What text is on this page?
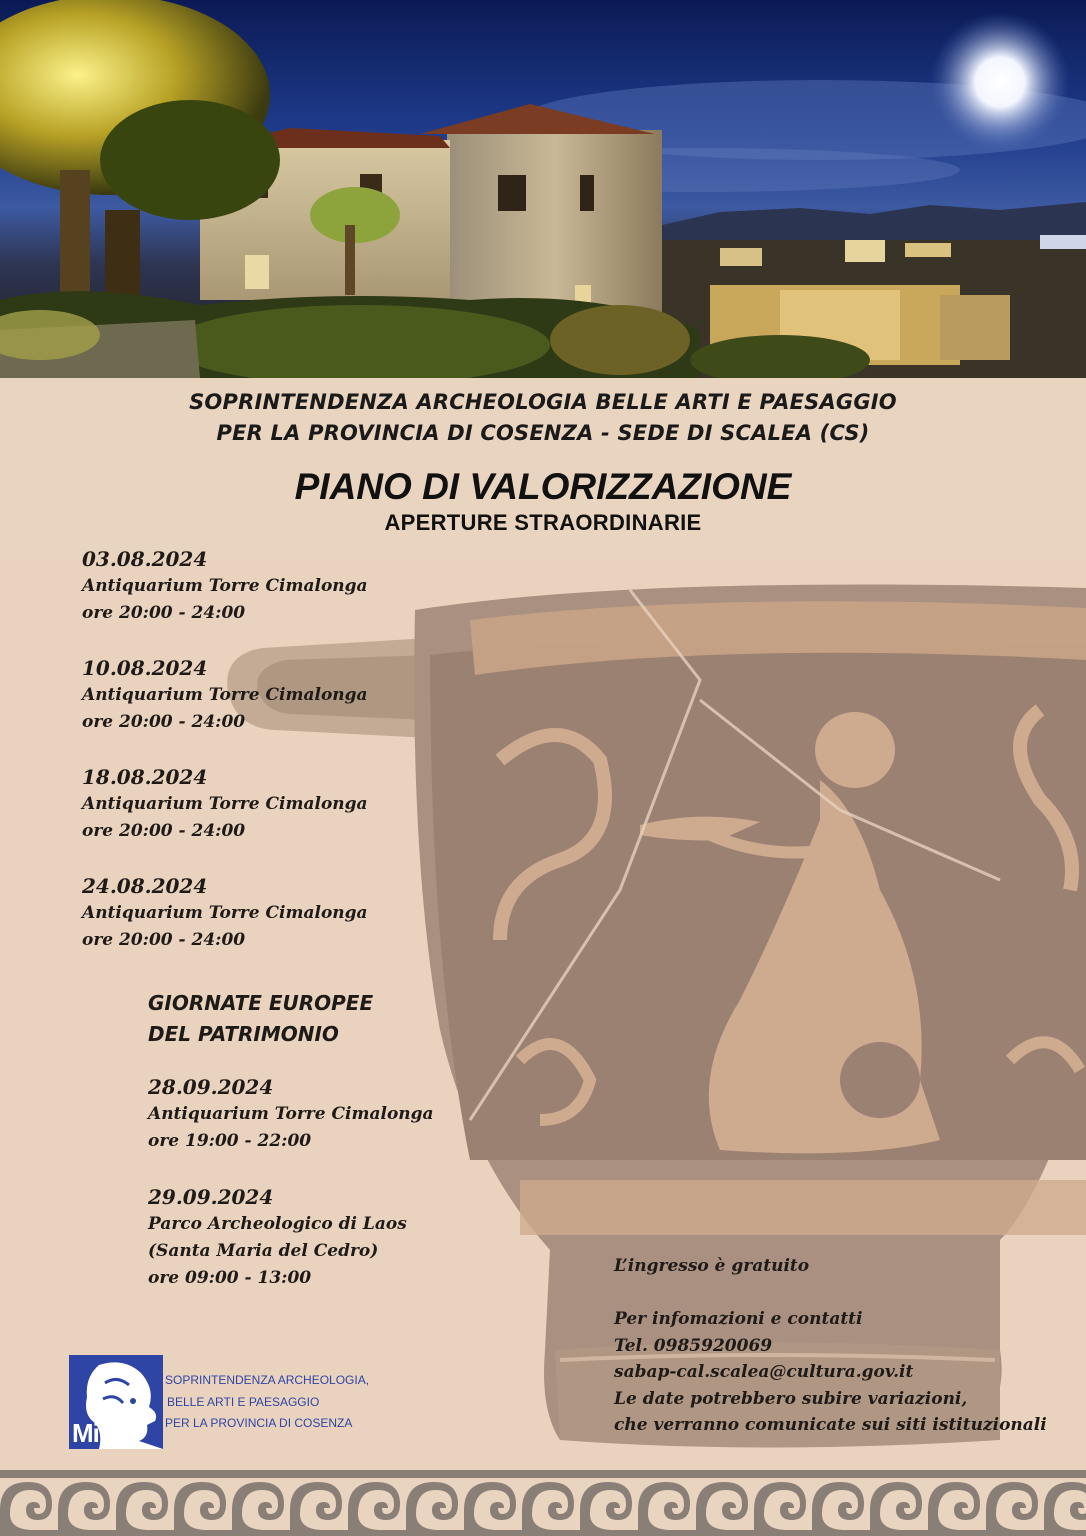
SOPRINTENDENZA ARCHEOLOGIA BELLE ARTI E PAESAGGIO
PER LA PROVINCIA DI COSENZA - SEDE DI SCALEA (CS)
PIANO DI VALORIZZAZIONE
APERTURE STRAORDINARIE
03.08.2024
Antiquarium Torre Cimalonga
ore 20:00 - 24:00
10.08.2024
Antiquarium Torre Cimalonga
ore 20:00 - 24:00
18.08.2024
Antiquarium Torre Cimalonga
ore 20:00 - 24:00
24.08.2024
Antiquarium Torre Cimalonga
ore 20:00 - 24:00
GIORNATE EUROPEE
DEL PATRIMONIO
28.09.2024
Antiquarium Torre Cimalonga
ore 19:00 - 22:00
29.09.2024
Parco Archeologico di Laos
(Santa Maria del Cedro)
ore 09:00 - 13:00
L’ingresso è gratuito
Per infomazioni e contatti
Tel. 0985920069
sabap-cal.scalea@cultura.gov.it
Le date potrebbero subire variazioni,
che verranno comunicate sui siti istituzionali
MiC
SOPRINTENDENZA ARCHEOLOGIA,
BELLE ARTI E PAESAGGIO
PER LA PROVINCIA DI COSENZA
